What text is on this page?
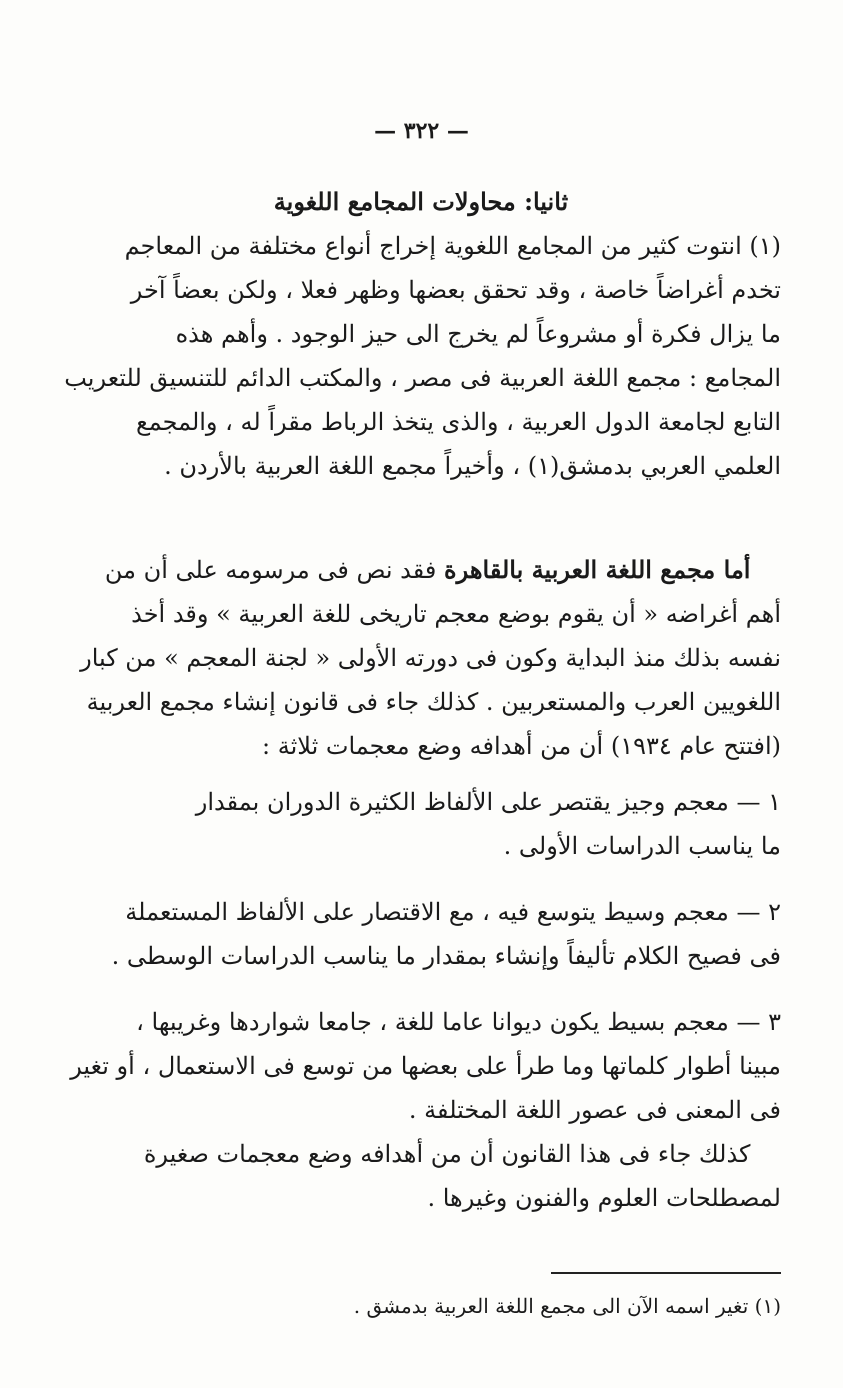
— ٣٢٢ —

ثانيا: محاولات المجامع اللغوية

(١) انتوت كثير من المجامع اللغوية إخراج أنواع مختلفة من المعاجم

تخدم أغراضاً خاصة ، وقد تحقق بعضها وظهر فعلا ، ولكن بعضاً آخر

ما يزال فكرة أو مشروعاً لم يخرج الى حيز الوجود . وأهم هذه

المجامع : مجمع اللغة العربية فى مصر ، والمكتب الدائم للتنسيق للتعريب

التابع لجامعة الدول العربية ، والذى يتخذ الرباط مقراً له ، والمجمع

العلمي العربي بدمشق(١) ، وأخيراً مجمع اللغة العربية بالأردن .

أما مجمع اللغة العربية بالقاهرة فقد نص فى مرسومه على أن من

أهم أغراضه « أن يقوم بوضع معجم تاريخى للغة العربية » وقد أخذ

نفسه بذلك منذ البداية وكون فى دورته الأولى « لجنة المعجم » من كبار

اللغويين العرب والمستعربين . كذلك جاء فى قانون إنشاء مجمع العربية

(افتتح عام ١٩٣٤) أن من أهدافه وضع معجمات ثلاثة :

١ — معجم وجيز يقتصر على الألفاظ الكثيرة الدوران بمقدار

ما يناسب الدراسات الأولى .

٢ — معجم وسيط يتوسع فيه ، مع الاقتصار على الألفاظ المستعملة

فى فصيح الكلام تأليفاً وإنشاء بمقدار ما يناسب الدراسات الوسطى .

٣ — معجم بسيط يكون ديوانا عاما للغة ، جامعا شواردها وغريبها ،

مبينا أطوار كلماتها وما طرأ على بعضها من توسع فى الاستعمال ، أو تغير

فى المعنى فى عصور اللغة المختلفة .

كذلك جاء فى هذا القانون أن من أهدافه وضع معجمات صغيرة

لمصطلحات العلوم والفنون وغيرها .

(١) تغير اسمه الآن الى مجمع اللغة العربية بدمشق .
